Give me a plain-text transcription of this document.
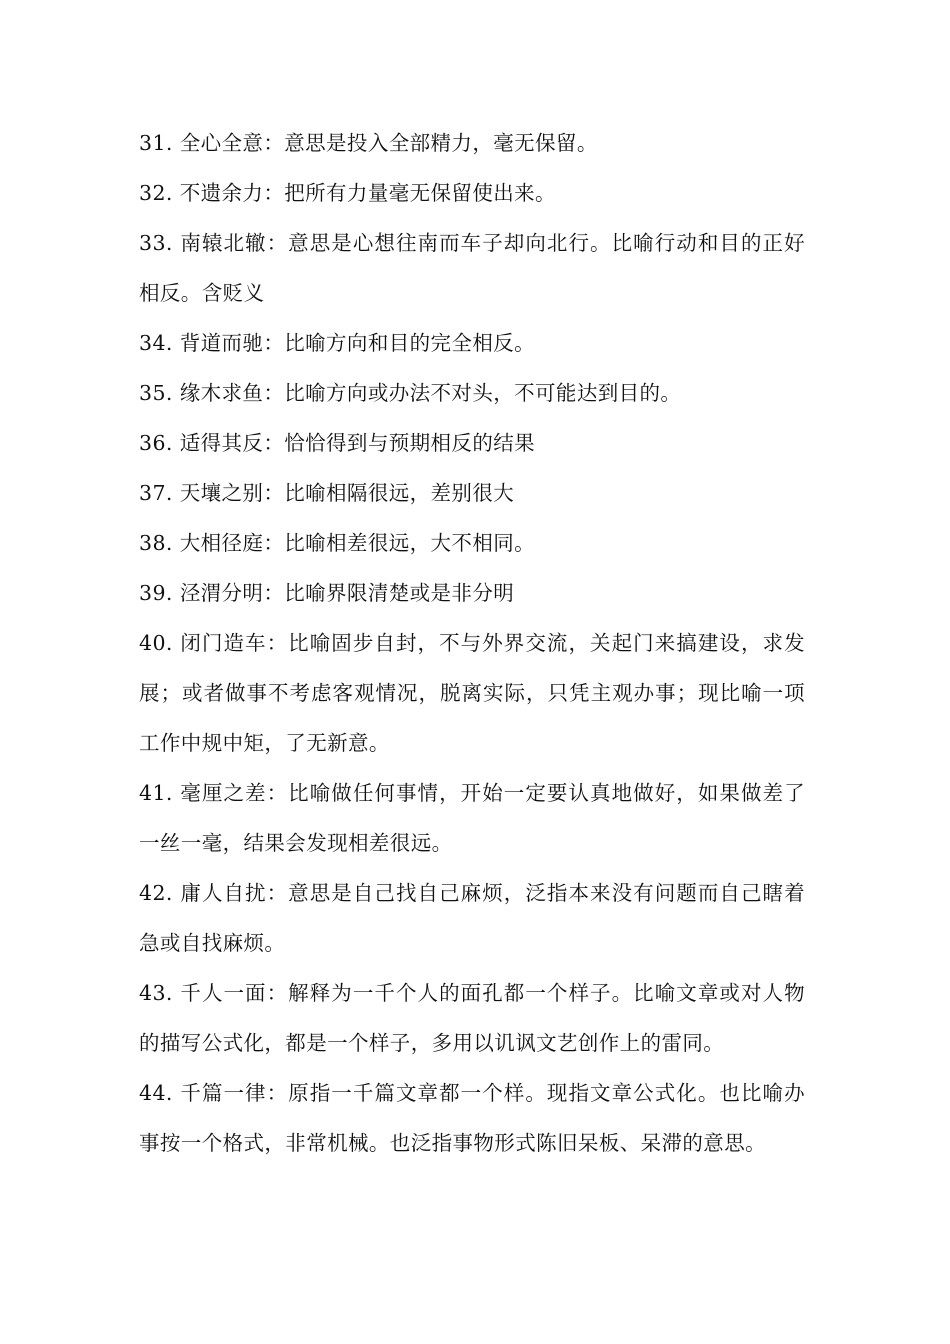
31. 全心全意：意思是投入全部精力，毫无保留。

32. 不遗余力：把所有力量毫无保留使出来。

33. 南辕北辙：意思是心想往南而车子却向北行。比喻行动和目的正好相反。含贬义

34. 背道而驰：比喻方向和目的完全相反。

35. 缘木求鱼：比喻方向或办法不对头，不可能达到目的。

36. 适得其反：恰恰得到与预期相反的结果

37. 天壤之别：比喻相隔很远，差别很大

38. 大相径庭：比喻相差很远，大不相同。

39. 泾渭分明：比喻界限清楚或是非分明

40. 闭门造车：比喻固步自封，不与外界交流，关起门来搞建设，求发展；或者做事不考虑客观情况，脱离实际，只凭主观办事；现比喻一项工作中规中矩，了无新意。

41. 毫厘之差：比喻做任何事情，开始一定要认真地做好，如果做差了一丝一毫，结果会发现相差很远。

42. 庸人自扰：意思是自己找自己麻烦，泛指本来没有问题而自己瞎着急或自找麻烦。

43. 千人一面：解释为一千个人的面孔都一个样子。比喻文章或对人物的描写公式化，都是一个样子，多用以讥讽文艺创作上的雷同。

44. 千篇一律：原指一千篇文章都一个样。现指文章公式化。也比喻办事按一个格式，非常机械。也泛指事物形式陈旧呆板、呆滞的意思。
